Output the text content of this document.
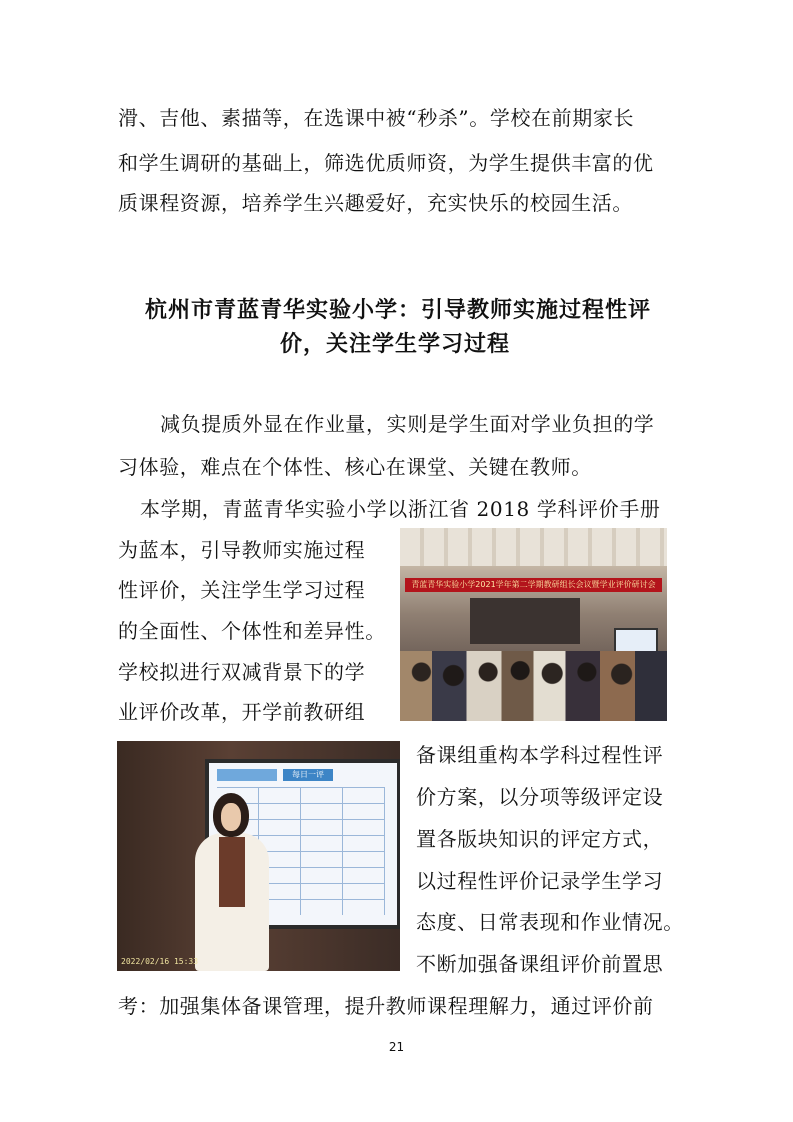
滑、吉他、素描等，在选课中被“秒杀”。学校在前期家长
和学生调研的基础上，筛选优质师资，为学生提供丰富的优
质课程资源，培养学生兴趣爱好，充实快乐的校园生活。
杭州市青蓝青华实验小学：引导教师实施过程性评
价，关注学生学习过程
减负提质外显在作业量，实则是学生面对学业负担的学
习体验，难点在个体性、核心在课堂、关键在教师。
本学期，青蓝青华实验小学以浙江省 2018 学科评价手册
为蓝本，引导教师实施过程
性评价，关注学生学习过程
的全面性、个体性和差异性。
学校拟进行双减背景下的学
业评价改革，开学前教研组
备课组重构本学科过程性评
价方案，以分项等级评定设
置各版块知识的评定方式，
以过程性评价记录学生学习
态度、日常表现和作业情况。
不断加强备课组评价前置思
考：加强集体备课管理，提升教师课程理解力，通过评价前
青蓝青华实验小学2021学年第二学期教研组长会议暨学业评价研讨会
每日一评
2022/02/16 15:33
21
